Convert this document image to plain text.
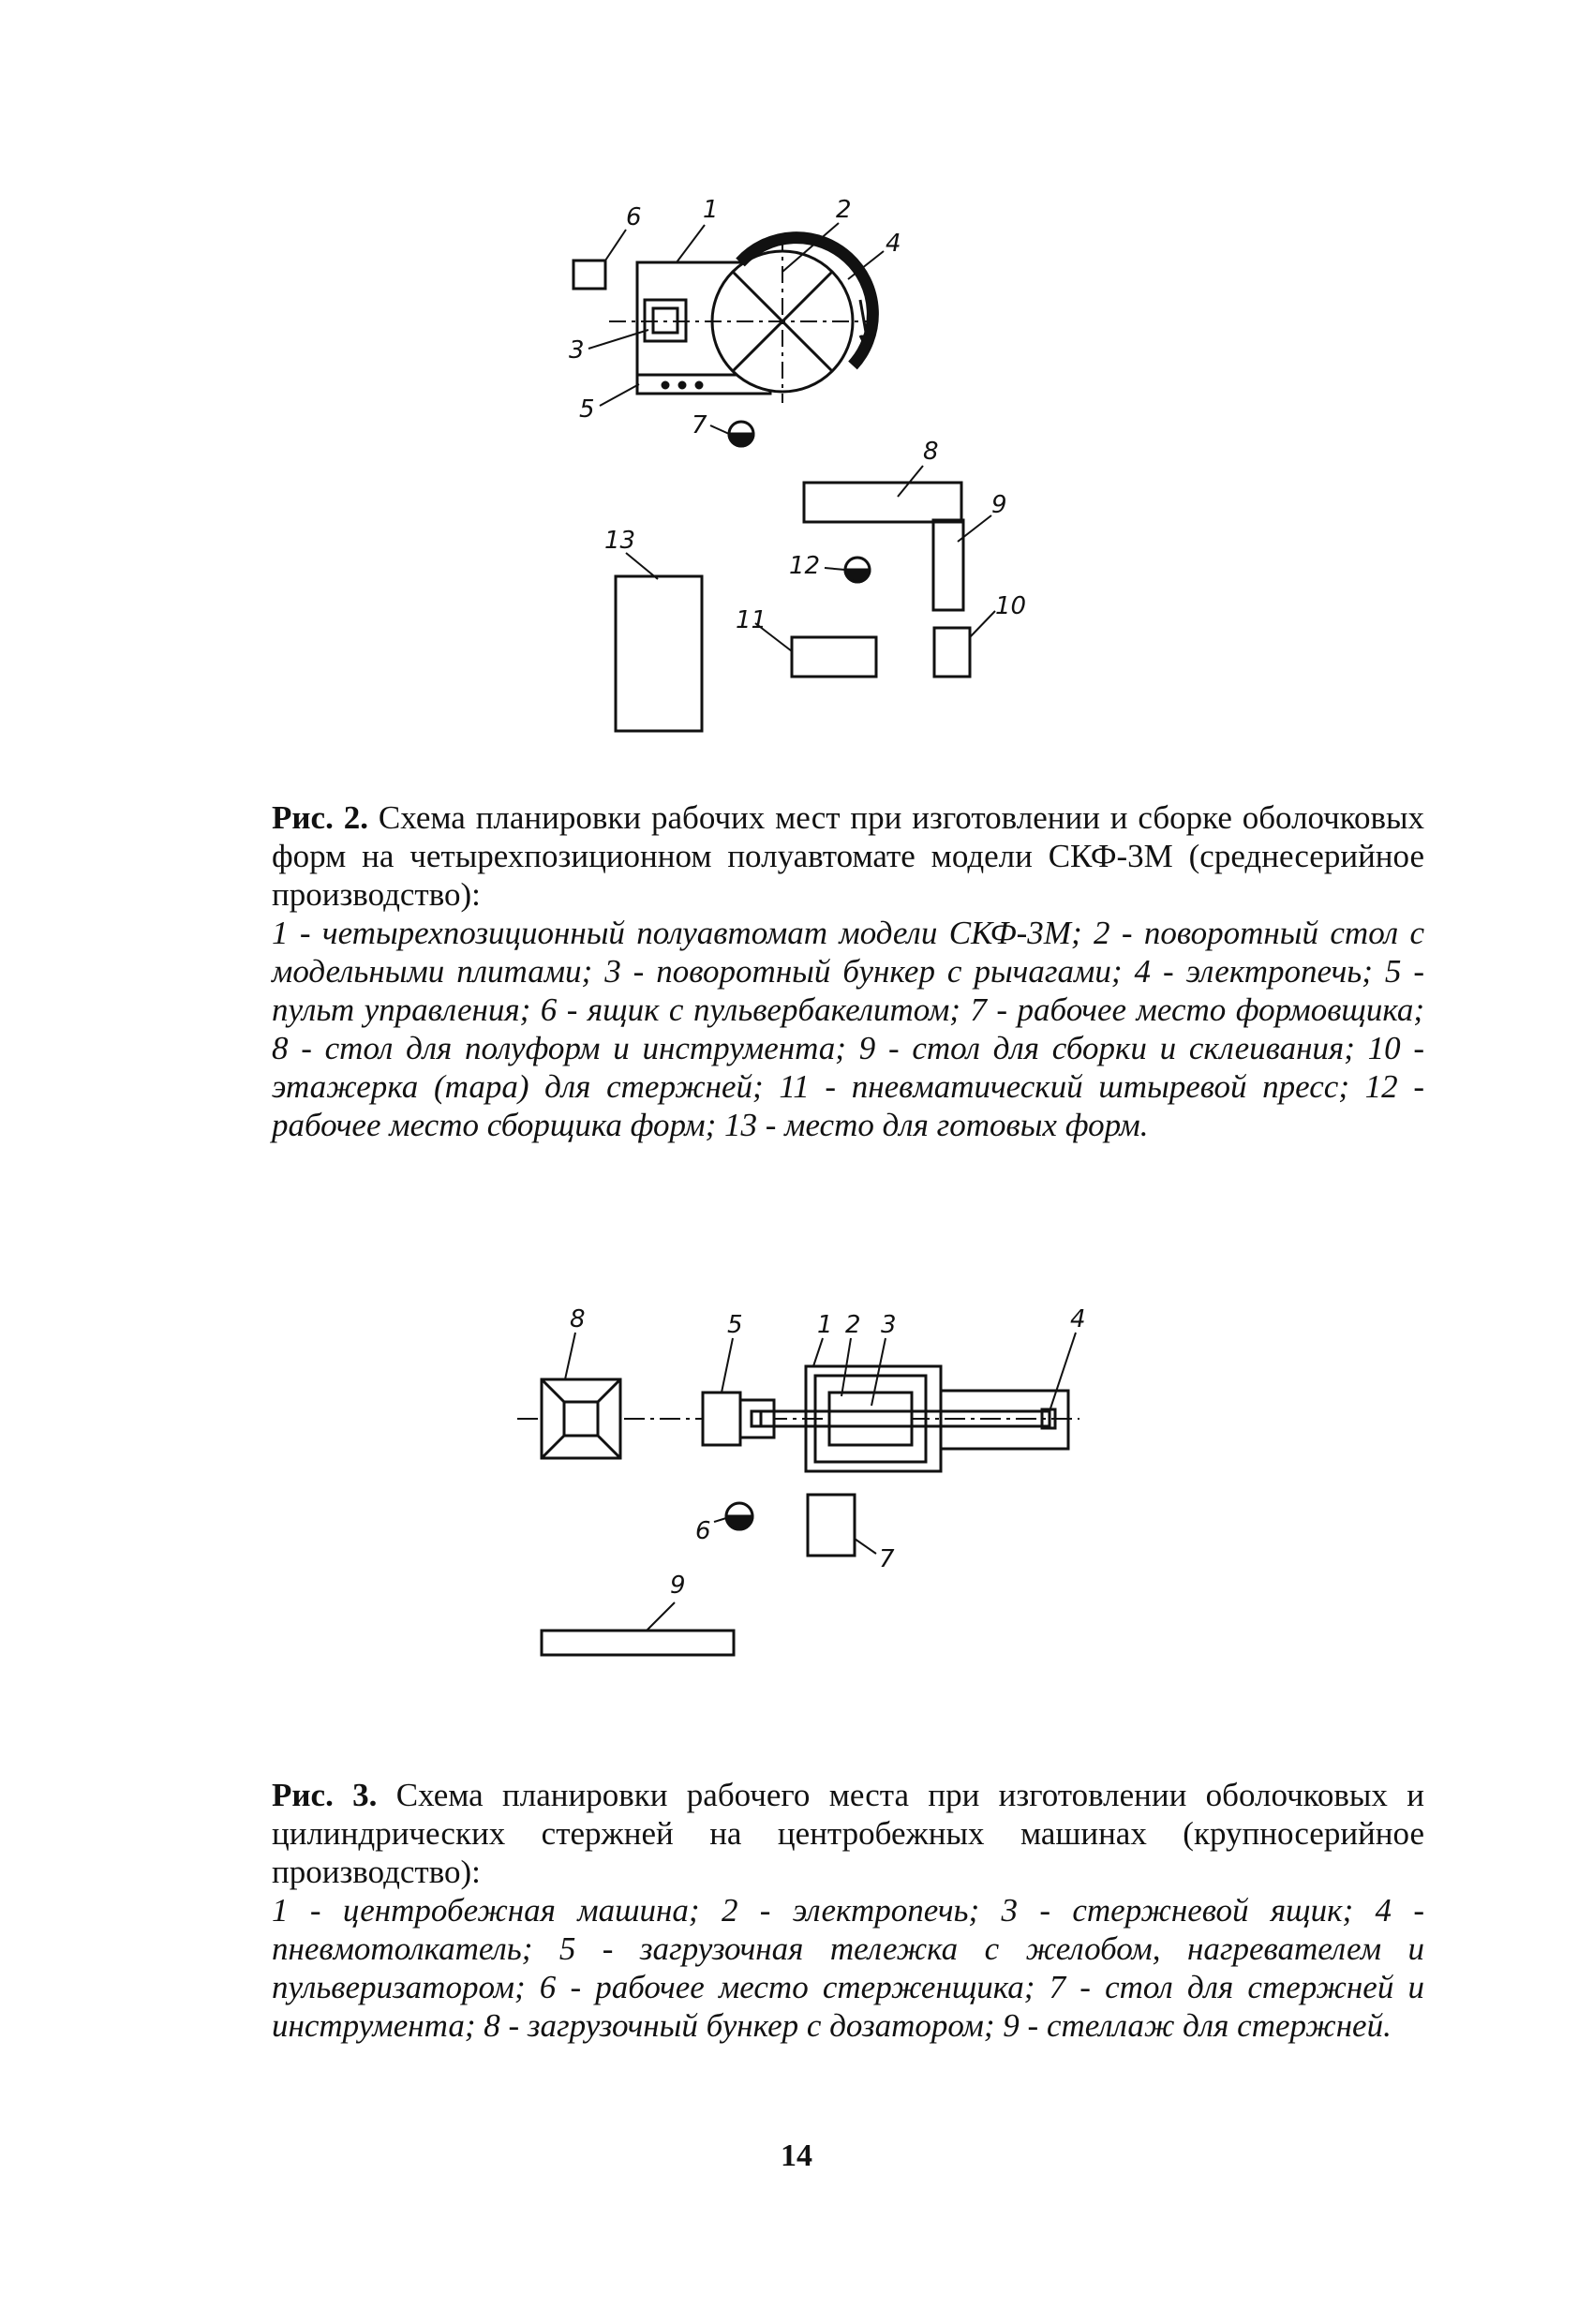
6	1	2
4
3
5
7
8
9
12
10
11
13
Рис. 2. Схема планировки рабочих мест при изготовлении и сборке оболочковых форм на четырехпозиционном полуавтомате модели СКФ-3М (среднесерийное производство):
1 - четырехпозиционный полуавтомат модели СКФ-3М; 2 - поворотный стол с модельными плитами; 3 - поворотный бункер с рычагами; 4 - электропечь; 5 - пульт управления; 6 - ящик с пульвербакелитом; 7 - рабочее место формовщика; 8 - стол для полуформ и инструмента; 9 - стол для сборки и склеивания; 10 - этажерка (тара) для стержней; 11 - пневматический штыревой пресс; 12 - рабочее место сборщика форм; 13 - место для готовых форм.
8	5	1 2 3	4
6
7
9
Рис. 3. Схема планировки рабочего места при изготовлении оболочковых и цилиндрических стержней на центробежных машинах (крупносерийное производство):
1 - центробежная машина; 2 - электропечь; 3 - стержневой ящик; 4 - пневмотолкатель; 5 - загрузочная тележка с желобом, нагревателем и пульверизатором; 6 - рабочее место стерженщика; 7 - стол для стержней и инструмента; 8 - загрузочный бункер с дозатором; 9 - стеллаж для стержней.
14
